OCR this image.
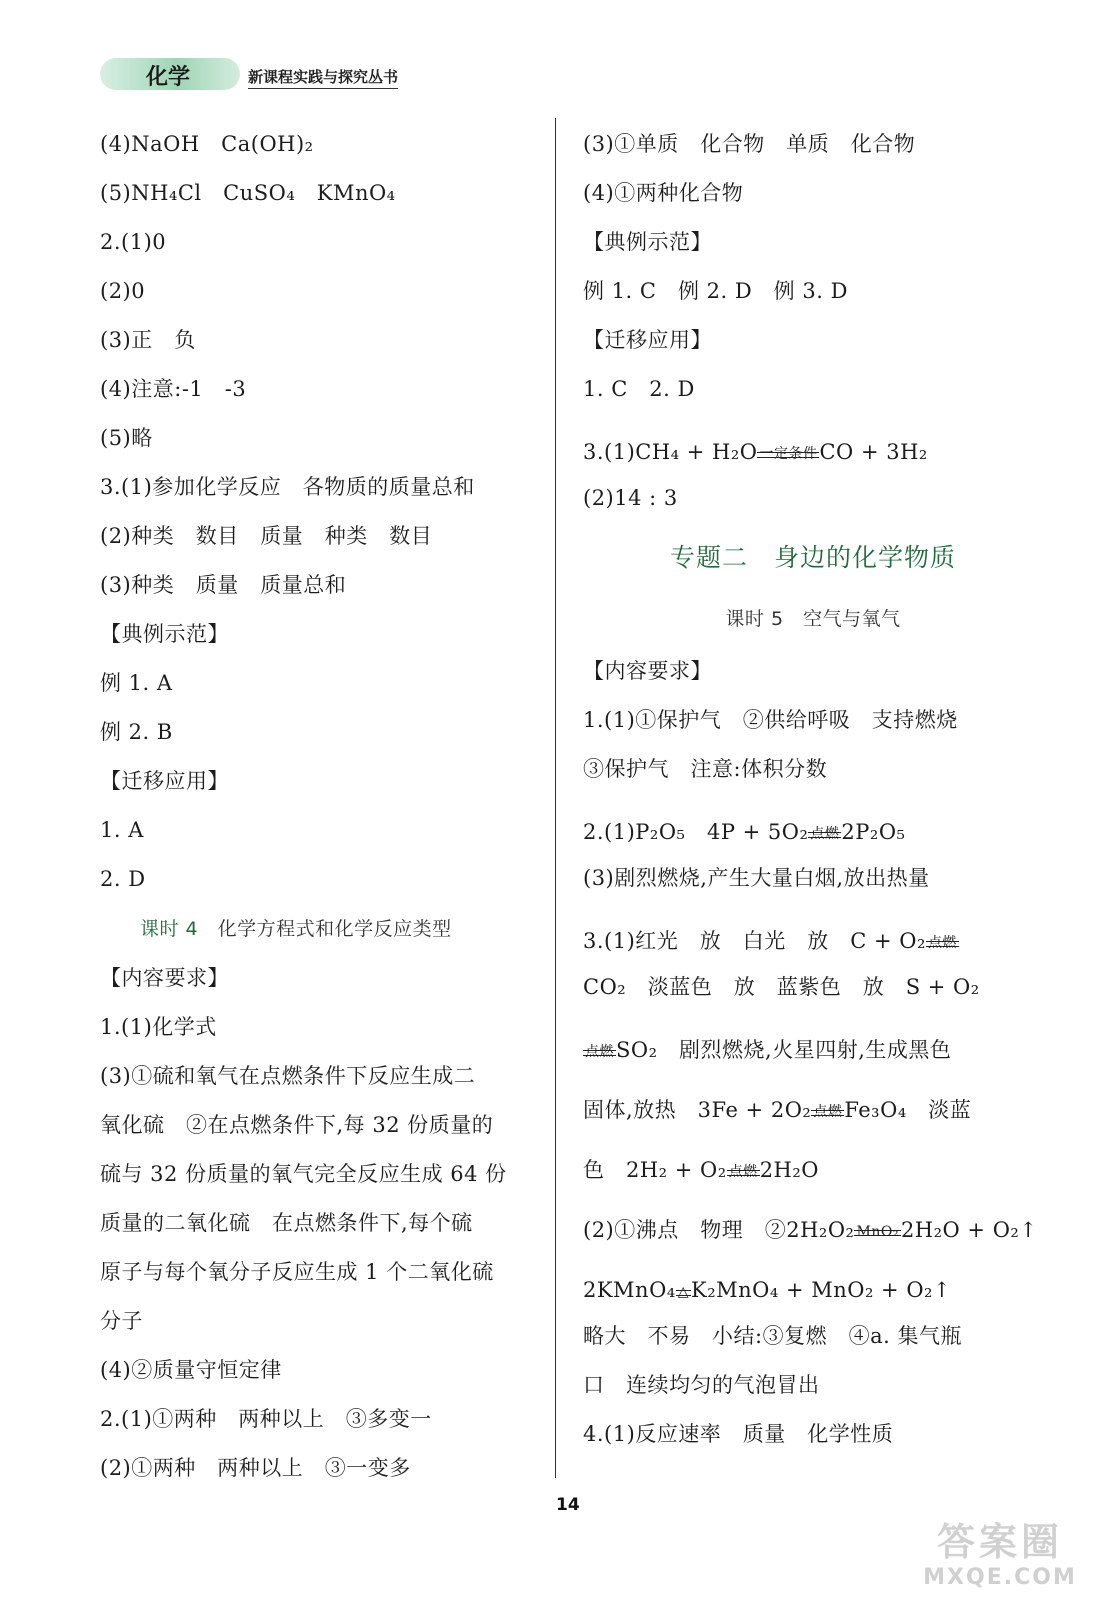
化学	新课程实践与探究丛书
(4)NaOH　Ca(OH)₂
(5)NH₄Cl　CuSO₄　KMnO₄
2.(1)0
(2)0
(3)正　负
(4)注意:-1　-3
(5)略
3.(1)参加化学反应　各物质的质量总和
(2)种类　数目　质量　种类　数目
(3)种类　质量　质量总和
【典例示范】
例 1. A
例 2. B
【迁移应用】
1. A
2. D
课时 4　 化学方程式和化学反应类型
【内容要求】
1.(1)化学式
(3)①硫和氧气在点燃条件下反应生成二
氧化硫　②在点燃条件下,每 32 份质量的
硫与 32 份质量的氧气完全反应生成 64 份
质量的二氧化硫　在点燃条件下,每个硫
原子与每个氧分子反应生成 1 个二氧化硫
分子
(4)②质量守恒定律
2.(1)①两种　两种以上　③多变一
(2)①两种　两种以上　③一变多
(3)①单质　化合物　单质　化合物
(4)①两种化合物
【典例示范】
例 1. C　例 2. D　例 3. D
【迁移应用】
1. C　2. D
3.(1)CH₄ + H₂O 一定条件 CO + 3H₂
(2)14 : 3
专题二　身边的化学物质
课时 5　 空气与氧气
【内容要求】
1.(1)①保护气　②供给呼吸　支持燃烧
③保护气　注意:体积分数
2.(1)P₂O₅　4P + 5O₂ 点燃 2P₂O₅
(3)剧烈燃烧,产生大量白烟,放出热量
3.(1)红光　放　白光　放　C + O₂ 点燃
CO₂　淡蓝色　放　蓝紫色　放　S + O₂
点燃 SO₂　剧烈燃烧,火星四射,生成黑色
固体,放热　3Fe + 2O₂ 点燃 Fe₃O₄　淡蓝
色　2H₂ + O₂ 点燃 2H₂O
(2)①沸点　物理　②2H₂O₂ MnO₂ 2H₂O + O₂↑
2KMnO₄ △ K₂MnO₄ + MnO₂ + O₂↑
略大　不易　小结:③复燃　④a. 集气瓶
口　连续均匀的气泡冒出
4.(1)反应速率　质量　化学性质
14
答案圈
MXQE.COM
